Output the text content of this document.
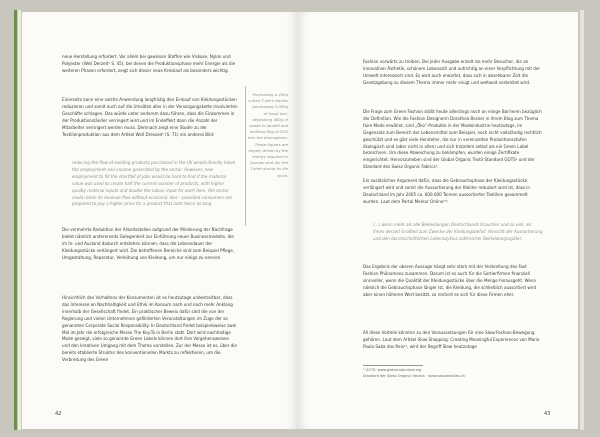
neue Herstellung erfordert. Vor allem bei gewissen Stoffen wie Viskose, Nylon und Polyester (Weil Derzeit¹ S. 45), bei denen die Produktionsphase mehr Energie als die weiteren Phasen erfordert, zeigt sich dieser neue Kreislauf als besonders wichtig.

Einerseits kann eine solche Anwendung langfristig den Einkauf von Kleidungsstücken reduzieren und somit auch auf die Umsätze aller in der Versorgungskette involvierten Geschäfte schlagen. Das würde unter anderem dazu führen, dass die Einkommen in der Produktionsländer verringert wird und im Endeffekt dann die Anzahl der Mitarbeiter verringert werden muss. Demnach zeigt eine Studie zu der Textilienproduktion aus dem Artikel Well Dressed² (S. 71) ein anderes Bild:

reducing the flow of existing products purchased in the UK would directly halve the employment and income generated by the sector. However, new employment to fill the shortfall of jobs would be hard to find if the material value was used to create half the current number of products, with higher quality material inputs and double the labour input for each item, the sector could retain its revenue flow without economic loss – provided consumers are prepared to pay a higher price for a product that lasts twice as long.

Purchasing a 250g cotton T-shirt implies purchasing 2,000g of fossil fuel, depositing 400g of waste to landfill and emitting 9kg of CO2 into the atmosphere. These figures are largely driven by the energy required to launder and dry the T-shirt during its life cycle.

Die vermehrte Reduktion der Arbeitsstellen aufgrund der Minderung der Nachfrage bietet nämlich andererseits Gelegenheit zur Einführung neuer Businessmodelle, die im In- und Ausland dadurch entstehen können, dass die Lebensdauer der Kleidungsstücke verlängert wird. Die betroffenen Bereiche sind zum Beispiel Pflege, Umgestaltung, Reparatur, Verleihung von Kleidung, um nur einige zu nennen.

Hinsichtlich des Verhaltens der Konsumenten ist es heutzutage unbestreitbar, dass das Interesse an Nachhaltigkeit und Ethik im Konsum nach und nach mehr Anklang innerhalb der Gesellschaft findet. Ein praktischer Beweis dafür sind die von der Regierung und vielen Unternehmen geförderten Veranstaltungen im Zuge der so genannten Corporate Social Responsibility. In Deutschland findet beispielsweise zwei Mal im Jahr die erfolgreiche Messe The Key.To in Berlin statt. Dort wird nachhaltige Mode gezeigt, viele so genannte Green Labels können dort ihre Vorgehensweisen und den kreativen Umgang mit dem Thema vorstellen. Zur der Messe ist es, über die bereits etablierte Struktur des konventionellen Markts zu reflektieren, um die Verbreitung des Green

42

Fashion vorwärts zu treiben. Bei jeder Ausgabe erzielt sie mehr Besucher, die an innovativer Ästhetik, schönem Lebensstil und aufrichtig an einer Verpflichtung mit der Umwelt interessiert sind. Es wird auch erwartet, dass sich in absehbarer Zeit die Gesetzgebung zu diesem Thema immer mehr einigt und weltweit verbreitet wird.

Die Frage zum Green Fashion stößt heute allerdings noch an einige Barrieren bezüglich der Definition. Wie die Fashion Designerin Dorothea Becker in ihrem Blog zum Thema faire Mode erwähnt, sind „Öko“-Produkte in der Modeindustrie heutzutage, im Gegensatz zum Bereich der Lebensmittel zum Beispiel, noch nicht vollständig rechtlich geschützt und es gibt viele Hersteller, die nur in vereinzelten Produktionsstufen ökologisch sind (aber nicht in allen) und sich trotzdem selbst als ein Green Label bezeichnen. Um diese Abweichung zu bekämpfen, wurden einige Zertifikate eingerichtet. Hervorzuheben sind der Global Organic Textil Standard GOTS¹ und der Standard des Swiss Organic Fabrics².

Ein zusätzliches Argument dafür, dass die Gebrauchsphase der Kleidungsstücke verlängert wird und somit die Aussortierung der Kleider reduziert wird ist, dass in Deutschland im Jahr 2005 ca. 600.000 Tonnen aussortierter Textilien gesammelt wurden. Laut dem Portal Merkur Online¹³:

(…) wenn mehr als alle Bekleidungen Deutschlands brauchen und so viel, als ihnen derzeit Großteil zum Zwecke der Kleidungsbefall. Hinsicht der Aussortierung und den durchschnittlichen Lebenszyklus zahlreicher Bekleidungssgüter.

Das Ergebnis der oberen Aussage hängt sehr stark mit der Verbreitung des Fast Fashion Phänomens zusammen. Darum ist es auch für die Sortierfirmen finanziell sinnvoller, wenn die Qualität der Kleidungsstücke über die Menge hinausgeht. Wenn nämlich die Gebrauchsphase länger ist, die Kleidung, die schließlich aussortiert wird aber einen höheren Wert besitzt, so rentiert es sich für diese Firmen eher.

All diese Vorteile könnten zu den Voraussetzungen für eine Slow-Fashion-Bewegung gehören. Laut dem Artikel Slow Shopping: Creating Meaningful Experiences von Maria Paula Saba dos Reis¹⁴, wird der Begriff Slow heutzutage

¹ GOTS: www.global-standard.org

Standard der Swiss Organic Fabrics · www.swisstextiles.ch

43
